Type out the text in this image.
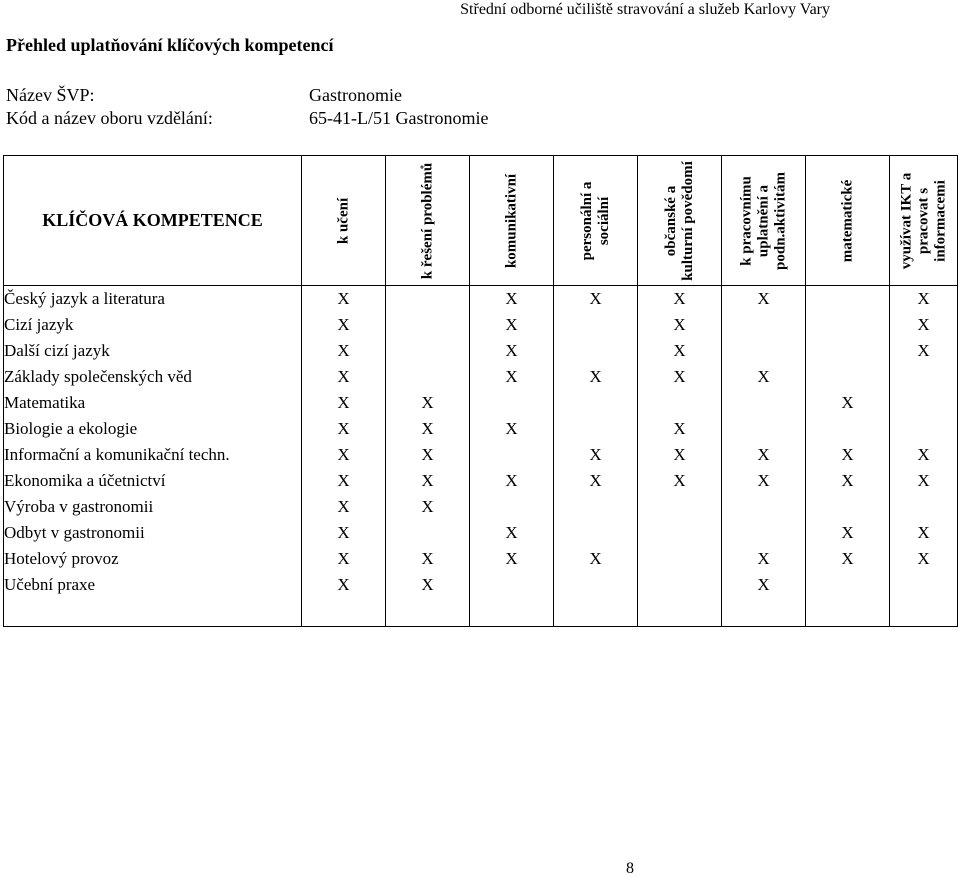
Střední odborné učiliště stravování a služeb Karlovy Vary
Přehled uplatňování klíčových kompetencí
Název ŠVP:	Gastronomie
Kód a název oboru vzdělání:	65-41-L/51 Gastronomie
KLÍČOVÁ KOMPETENCE	k učení	k řešení problémů	komunikativní	personální a sociální	občanské a kulturní povědomí	k pracovnímu uplatnění a podn.aktivitám	matematické	využívat IKT a pracovat s informacemi

Český jazyk a literatura	X		X	X	X	X		X
Cizí jazyk	X		X		X			X
Další cizí jazyk	X		X		X			X
Základy společenských věd	X		X	X	X	X		
Matematika	X	X					X	
Biologie a ekologie	X	X	X		X			
Informační a komunikační techn.	X	X		X	X	X	X	X
Ekonomika a účetnictví	X	X	X	X	X	X	X	X
Výroba v gastronomii	X	X						
Odbyt v gastronomii	X		X				X	X
Hotelový provoz	X	X	X	X		X	X	X
Učební praxe	X	X				X		

8
